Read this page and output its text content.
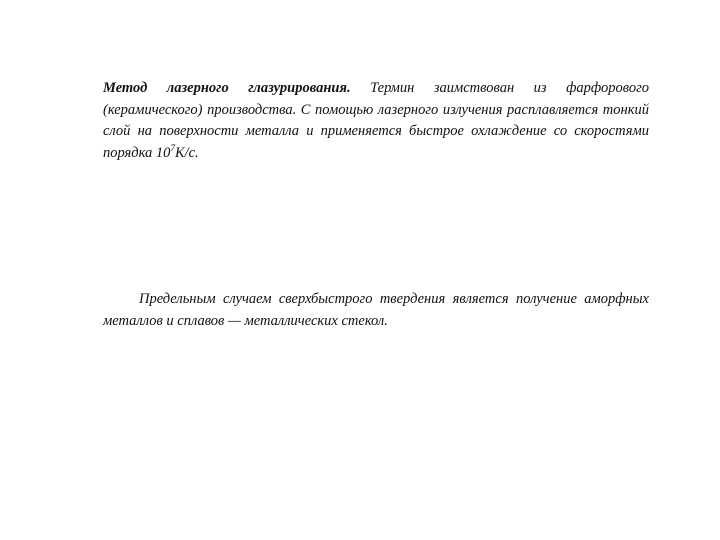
Метод лазерного глазурирования. Термин заимствован из фарфорового (керамического) производства. С помощью лазерного излучения расплавляется тонкий слой на поверхности металла и применяется быстрое охлаждение со скоростями порядка $10^7К/с$.

Предельным случаем сверхбыстрого твердения является получение аморфных металлов и сплавов — металлических стекол.
